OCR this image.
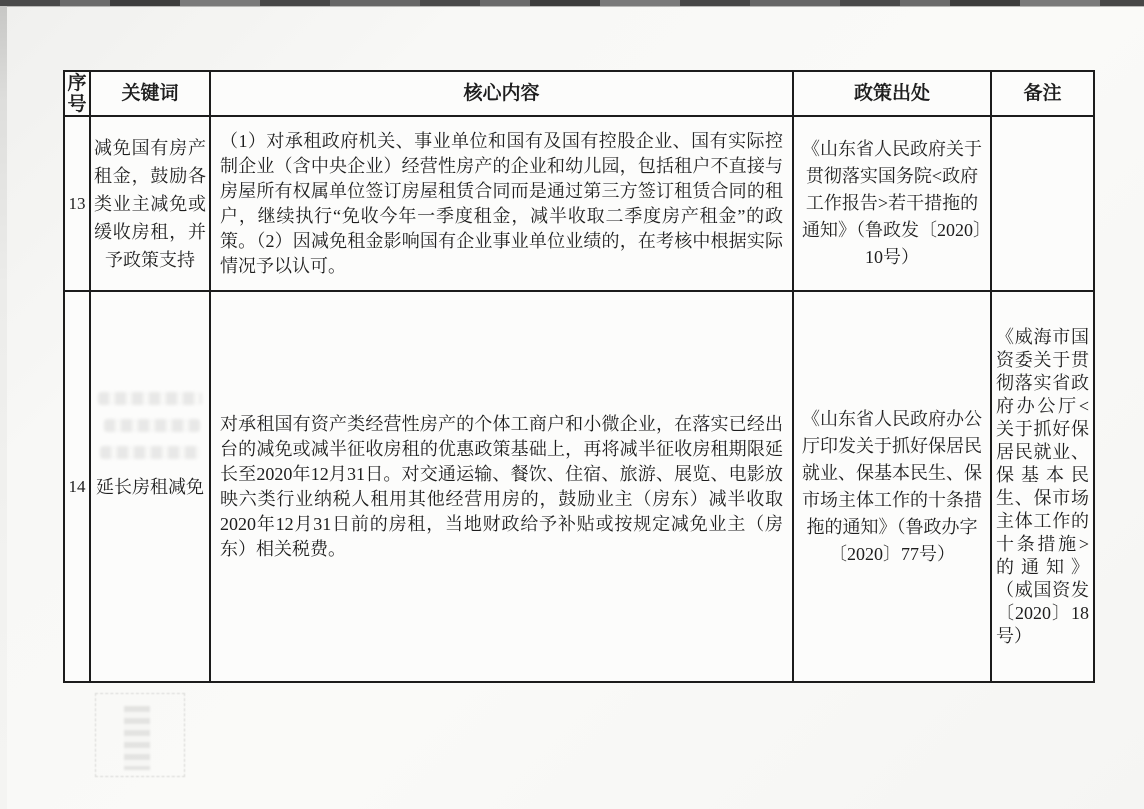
序号	关键词	核心内容	政策出处	备注
13	减免国有房产租金，鼓励各类业主减免或缓收房租，并予政策支持	（1）对承租政府机关、事业单位和国有及国有控股企业、国有实际控制企业（含中央企业）经营性房产的企业和幼儿园，包括租户不直接与房屋所有权属单位签订房屋租赁合同而是通过第三方签订租赁合同的租户，继续执行“免收今年一季度租金，减半收取二季度房产租金”的政策。（2）因减免租金影响国有企业事业单位业绩的，在考核中根据实际情况予以认可。	《山东省人民政府关于贯彻落实国务院<政府工作报告>若干措拖的通知》（鲁政发〔2020〕10号）	
14	延长房租减免	对承租国有资产类经营性房产的个体工商户和小微企业，在落实已经出台的减免或减半征收房租的优惠政策基础上，再将减半征收房租期限延长至2020年12月31日。对交通运输、餐饮、住宿、旅游、展览、电影放映六类行业纳税人租用其他经营用房的，鼓励业主（房东）减半收取2020年12月31日前的房租，当地财政给予补贴或按规定减免业主（房东）相关税费。	《山东省人民政府办公厅印发关于抓好保居民就业、保基本民生、保市场主体工作的十条措拖的通知》（鲁政办字〔2020〕77号）	《威海市国资委关于贯彻落实省政府办公厅<关于抓好保居民就业、保基本民生、保市场主体工作的十条措施>的通知》（威国资发〔2020〕18号）
